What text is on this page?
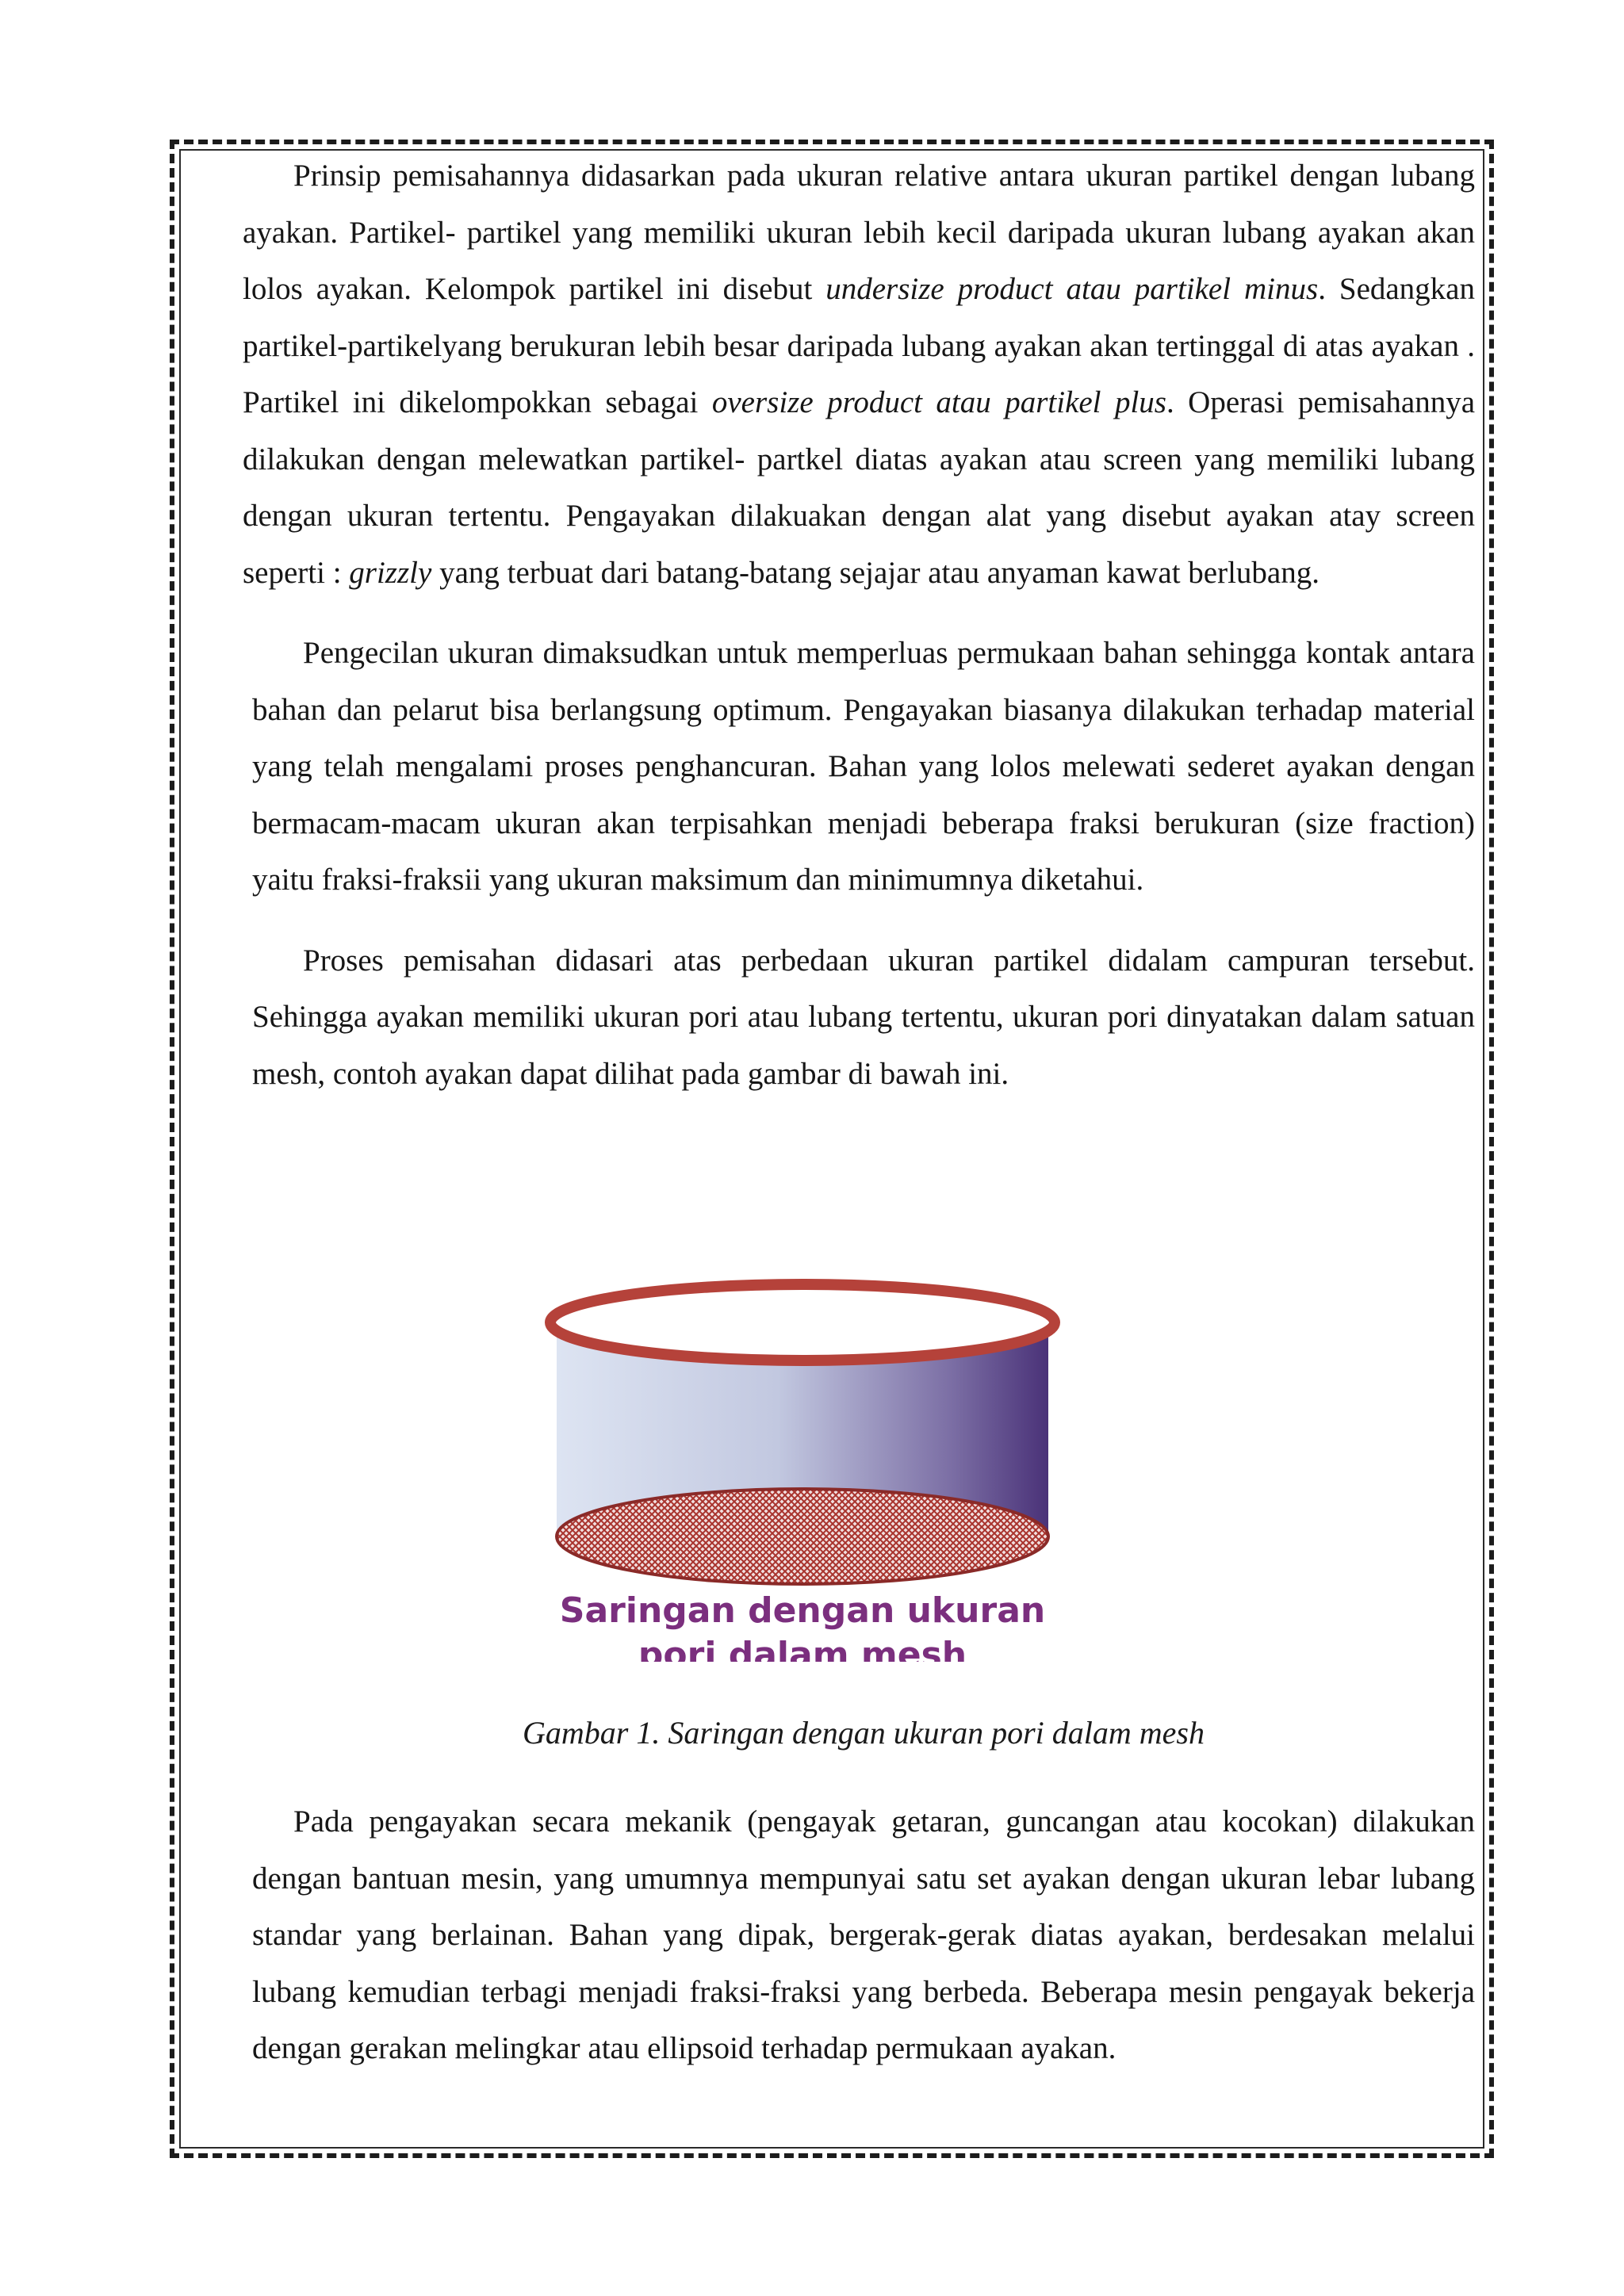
Prinsip pemisahannya didasarkan pada ukuran relative antara ukuran partikel dengan lubang ayakan. Partikel- partikel yang memiliki ukuran lebih kecil daripada ukuran lubang ayakan akan lolos ayakan. Kelompok partikel ini disebut undersize product atau partikel minus. Sedangkan partikel-partikelyang berukuran lebih besar daripada lubang ayakan akan tertinggal di atas ayakan . Partikel ini dikelompokkan sebagai oversize product atau partikel plus. Operasi pemisahannya dilakukan dengan melewatkan partikel- partkel diatas ayakan atau screen yang memiliki lubang dengan ukuran tertentu. Pengayakan dilakuakan dengan alat yang disebut ayakan atay screen seperti : grizzly yang terbuat dari batang-batang sejajar atau anyaman kawat berlubang.

Pengecilan ukuran dimaksudkan untuk memperluas permukaan bahan sehingga kontak antara bahan dan pelarut bisa berlangsung optimum. Pengayakan biasanya dilakukan terhadap material yang telah mengalami proses penghancuran. Bahan yang lolos melewati sederet ayakan dengan bermacam-macam ukuran akan terpisahkan menjadi beberapa fraksi berukuran (size fraction) yaitu fraksi-fraksii yang ukuran maksimum dan minimumnya diketahui.

Proses pemisahan didasari atas perbedaan ukuran partikel didalam campuran tersebut. Sehingga ayakan memiliki ukuran pori atau lubang tertentu, ukuran pori dinyatakan dalam satuan mesh, contoh ayakan dapat dilihat pada gambar di bawah ini.

Saringan dengan ukuran
pori dalam mesh
Gambar 1. Saringan dengan ukuran pori dalam mesh

Pada pengayakan secara mekanik (pengayak getaran, guncangan atau kocokan) dilakukan dengan bantuan mesin, yang umumnya mempunyai satu set ayakan dengan ukuran lebar lubang standar yang berlainan. Bahan yang dipak, bergerak-gerak diatas ayakan, berdesakan melalui lubang kemudian terbagi menjadi fraksi-fraksi yang berbeda. Beberapa mesin pengayak bekerja dengan gerakan melingkar atau ellipsoid terhadap permukaan ayakan.
